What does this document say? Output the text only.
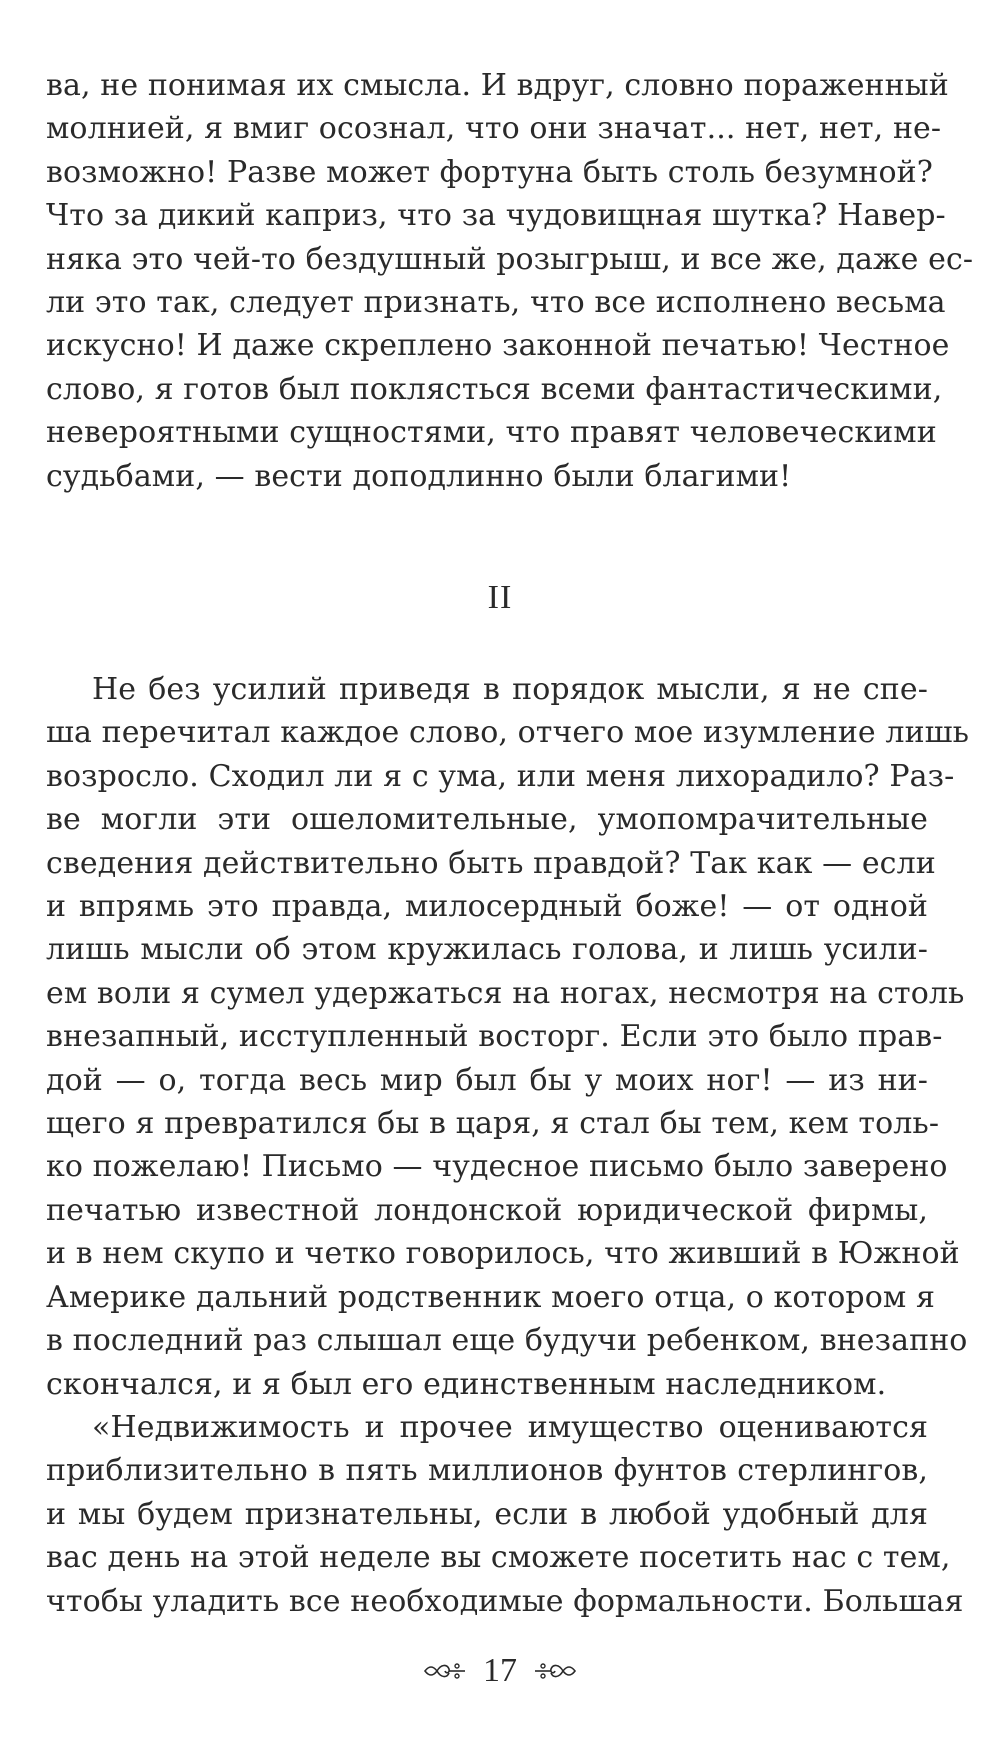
ва, не понимая их смысла. И вдруг, словно пораженный
молнией, я вмиг осознал, что они значат... нет, нет, не-
возможно! Разве может фортуна быть столь безумной?
Что за дикий каприз, что за чудовищная шутка? Навер-
няка это чей-то бездушный розыгрыш, и все же, даже ес-
ли это так, следует признать, что все исполнено весьма
искусно! И даже скреплено законной печатью! Честное
слово, я готов был поклясться всеми фантастическими,
невероятными сущностями, что правят человеческими
судьбами, — вести доподлинно были благими!

II

Не без усилий приведя в порядок мысли, я не спе-
ша перечитал каждое слово, отчего мое изумление лишь
возросло. Сходил ли я с ума, или меня лихорадило? Раз-
ве могли эти ошеломительные, умопомрачительные
сведения действительно быть правдой? Так как — если
и впрямь это правда, милосердный боже! — от одной
лишь мысли об этом кружилась голова, и лишь усили-
ем воли я сумел удержаться на ногах, несмотря на столь
внезапный, исступленный восторг. Если это было прав-
дой — о, тогда весь мир был бы у моих ног! — из ни-
щего я превратился бы в царя, я стал бы тем, кем толь-
ко пожелаю! Письмо — чудесное письмо было заверено
печатью известной лондонской юридической фирмы,
и в нем скупо и четко говорилось, что живший в Южной
Америке дальний родственник моего отца, о котором я
в последний раз слышал еще будучи ребенком, внезапно
скончался, и я был его единственным наследником.

«Недвижимость и прочее имущество оцениваются
приблизительно в пять миллионов фунтов стерлингов,
и мы будем признательны, если в любой удобный для
вас день на этой неделе вы сможете посетить нас с тем,
чтобы уладить все необходимые формальности. Большая

17
